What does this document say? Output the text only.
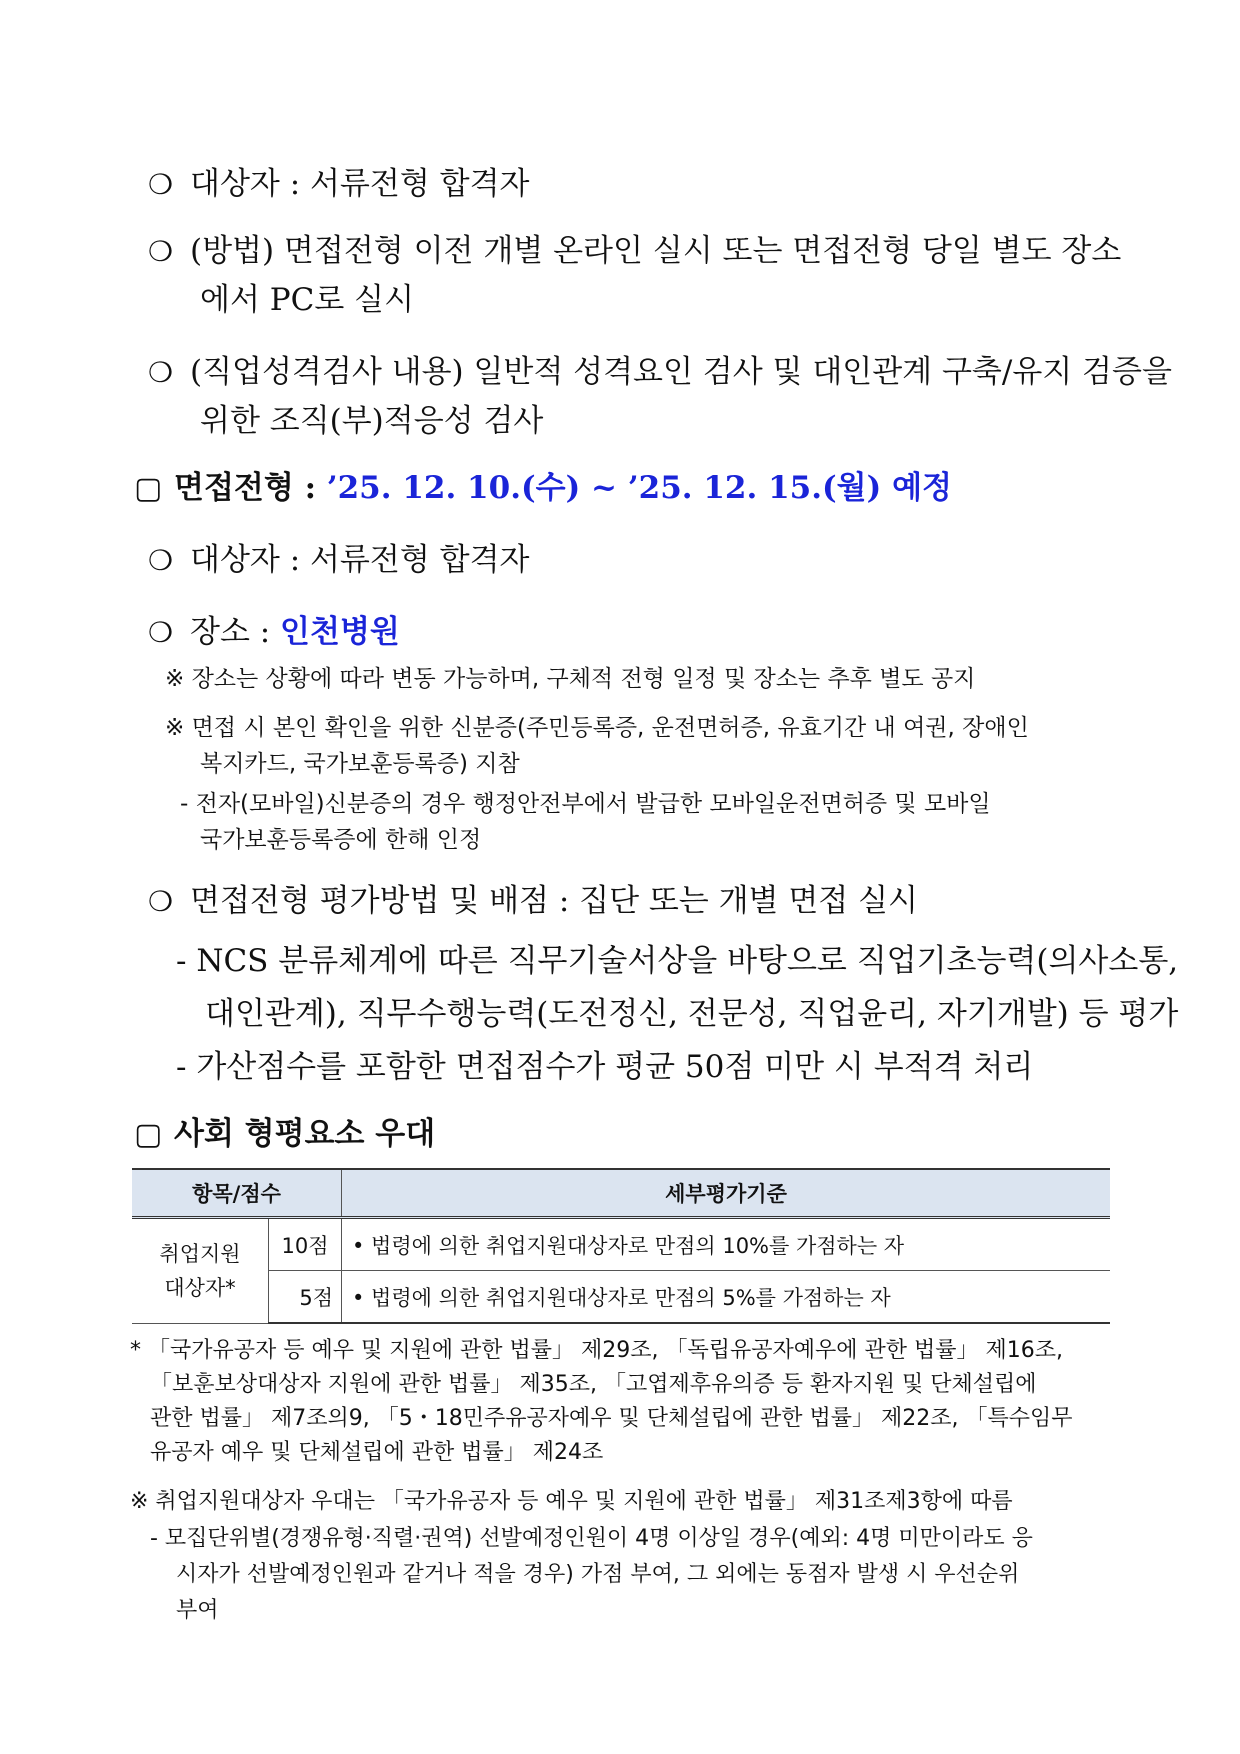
❍ 대상자 : 서류전형 합격자
❍ (방법) 면접전형 이전 개별 온라인 실시 또는 면접전형 당일 별도 장소
에서 PC로 실시
❍ (직업성격검사 내용) 일반적 성격요인 검사 및 대인관계 구축/유지 검증을
위한 조직(부)적응성 검사
▢ 면접전형 : ’25. 12. 10.(수) ~ ’25. 12. 15.(월) 예정
❍ 대상자 : 서류전형 합격자
❍ 장소 : 인천병원
※ 장소는 상황에 따라 변동 가능하며, 구체적 전형 일정 및 장소는 추후 별도 공지
※ 면접 시 본인 확인을 위한 신분증(주민등록증, 운전면허증, 유효기간 내 여권, 장애인
복지카드, 국가보훈등록증) 지참
- 전자(모바일)신분증의 경우 행정안전부에서 발급한 모바일운전면허증 및 모바일
국가보훈등록증에 한해 인정
❍ 면접전형 평가방법 및 배점 : 집단 또는 개별 면접 실시
- NCS 분류체계에 따른 직무기술서상을 바탕으로 직업기초능력(의사소통,
대인관계), 직무수행능력(도전정신, 전문성, 직업윤리, 자기개발) 등 평가
- 가산점수를 포함한 면접점수가 평균 50점 미만 시 부적격 처리
▢ 사회 형평요소 우대
항목/점수		세부평가기준
취업지원
대상자*	10점	• 법령에 의한 취업지원대상자로 만점의 10%를 가점하는 자
	5점	• 법령에 의한 취업지원대상자로 만점의 5%를 가점하는 자
* 「국가유공자 등 예우 및 지원에 관한 법률」 제29조, 「독립유공자예우에 관한 법률」 제16조,
「보훈보상대상자 지원에 관한 법률」 제35조, 「고엽제후유의증 등 환자지원 및 단체설립에
관한 법률」 제7조의9, 「5・18민주유공자예우 및 단체설립에 관한 법률」 제22조, 「특수임무
유공자 예우 및 단체설립에 관한 법률」 제24조
※ 취업지원대상자 우대는 「국가유공자 등 예우 및 지원에 관한 법률」 제31조제3항에 따름
- 모집단위별(경쟁유형·직렬·권역) 선발예정인원이 4명 이상일 경우(예외: 4명 미만이라도 응
시자가 선발예정인원과 같거나 적을 경우) 가점 부여, 그 외에는 동점자 발생 시 우선순위
부여
